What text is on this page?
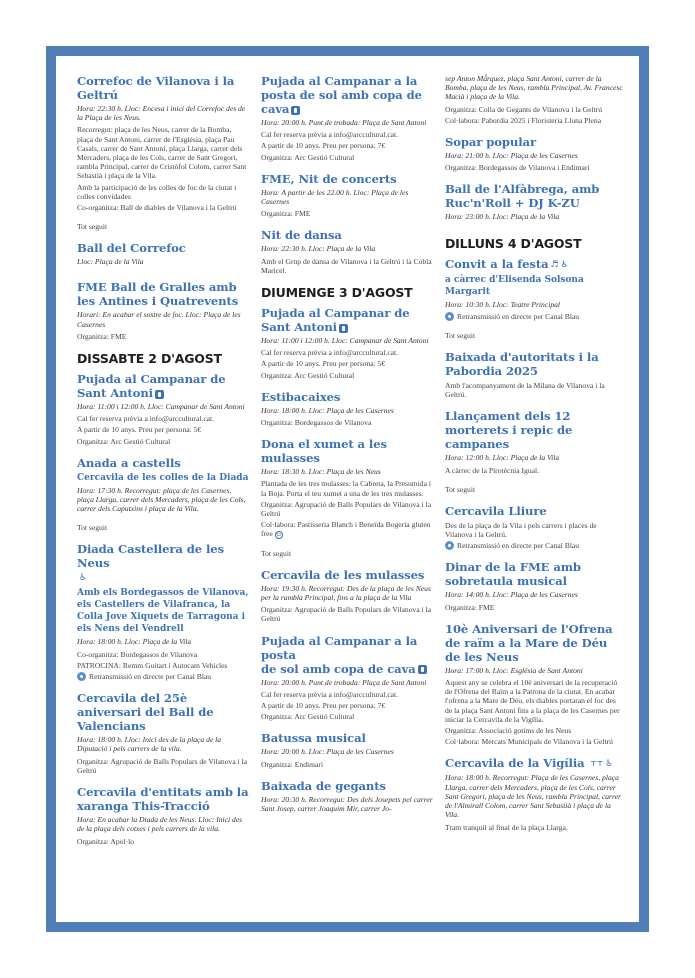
Correfoc de Vilanova i la Geltrú
Hora: 22:30 h. Lloc: Encesa i inici del Correfoc des de la Plaça de les Neus.
Recorregut: plaça de les Neus, carrer de la Bomba, plaça de Sant Antoni, carrer de l'Església, plaça Pau Casals, carrer de Sant Antoni, plaça Llarga, carrer dels Mercaders, plaça de les Cols, carrer de Sant Gregori, rambla Principal, carrer de Cristòfol Colom, carrer Sant Sebastià i plaça de la Vila.
Amb la participació de les colles de foc de la ciutat i colles convidades
Co-organitza: Ball de diables de Vilanova i la Geltrú
Tot seguit
Ball del Correfoc
Lloc: Plaça de la Vila
FME Ball de Gralles amb les Antines i Quatrevents
Horari: En acabar el sostre de foc. Lloc: Plaça de les Casernes
Organitza: FME
DISSABTE 2 D'AGOST
Pujada al Campanar de Sant Antoni
Hora: 11:00 i 12:00 h. Lloc: Campanar de Sant Antoni
Cal fer reserva prèvia a info@arccultural.cat.
A partir de 10 anys. Preu per persona: 5€
Organitza: Arc Gestió Cultural
Anada a castells
Cercavila de les colles de la Diada
Hora: 17:30 h. Recorregut: plaça de les Casernes, plaça Llarga, carrer dels Mercaders, plaça de les Cols, carrer dels Caputxins i plaça de la Vila.
Tot seguit
Diada Castellera de les Neus
♿
Amb els Bordegassos de Vilanova, els Castellers de Vilafranca, la Colla Jove Xiquets de Tarragona i els Nens del Vendrell
Hora: 18:00 h. Lloc: Plaça de la Vila
Co-organitza: Bordegassos de Vilanova
PATROCINA: Remm Guitart i Autocam Vehicles
Retransmissió en directe per Canal Blau
Cercavila del 25è aniversari del Ball de Valencians
Hora: 18:00 h. Lloc: Inici des de la plaça de la Diputació i pels carrers de la vila.
Organitza: Agrupació de Balls Populars de Vilanova i la Geltrú
Cercavila d'entitats amb la xaranga This-Tracció
Hora: En acabar la Diada de les Neus. Lloc: Inici des de la plaça dels cotxes i pels carrers de la vila.
Organitza: Apol·lo
Pujada al Campanar a la posta de sol amb copa de cava
Hora: 20:00 h. Punt de trobada: Plaça de Sant Antoni
Cal fer reserva prèvia a info@arccultural.cat.
A partir de 10 anys. Preu per persona: 7€
Organitza: Arc Gestió Cultural
FME, Nit de concerts
Hora: A partir de les 22.00 h. Lloc: Plaça de les Casernes
Organitza: FME
Nit de dansa
Hora: 22:30 h. Lloc: Plaça de la Vila
Amb el Grup de dansa de Vilanova i la Geltrú i la Cobla Maricel.
DIUMENGE 3 D'AGOST
Pujada al Campanar de Sant Antoni
Hora: 11:00 i 12:00 h. Lloc: Campanar de Sant Antoni
Cal fer reserva prèvia a info@arccultural.cat.
A partir de 10 anys. Preu per persona: 5€
Organitza: Arc Gestió Cultural
Estibacaixes
Hora: 18:00 h. Lloc: Plaça de les Casernes
Organitza: Bordegassos de Vilanova
Dona el xumet a les mulasses
Hora: 18:30 h. Lloc: Plaça de les Neus
Plantada de les tres mulasses: la Cabreta, la Presumida i la Boja. Porta el teu xumet a una de les tres mulasses.
Organitza: Agrupació de Balls Populars de Vilanova i la Geltrú
Col·labora: Pastisseria Blanch i Beneïda Bogeria gluten free G
Tot seguit
Cercavila de les mulasses
Hora: 19:30 h. Recorregut: Des de la plaça de les Neus per la rambla Principal, fins a la plaça de la Vila
Organitza: Agrupació de Balls Populars de Vilanova i la Geltrú
Pujada al Campanar a la posta
de sol amb copa de cava
Hora: 20:00 h. Punt de trobada: Plaça de Sant Antoni
Cal fer reserva prèvia a info@arccultural.cat.
A partir de 10 anys. Preu per persona: 7€
Organitza: Arc Gestió Cultural
Batussa musical
Hora: 20:00 h. Lloc: Plaça de les Casernes
Organitza: Endimari
Baixada de gegants
Hora: 20:30 h. Recorregut: Des dels Josepets pel carrer Sant Josep, carrer Joaquim Mir, carrer Jo-
sep Anton Mǻrquez, plaça Sant Antoni, carrer de la Bomba, plaça de les Neus, rambla Principal, Av. Francesc Macià i plaça de la Vila.
Organitza: Colla de Gegants de Vilanova i la Geltrú
Col·labora: Pabordia 2025 i Floristeria Lluna Plena
Sopar popular
Hora: 21:00 h. Lloc: Plaça de les Casernes
Organitza: Bordegassos de Vilanova i Endimari
Ball de l'Alfàbrega, amb Ruc'n'Roll + DJ K-ZU
Hora: 23:00 h. Lloc: Plaça de la Vila
DILLUNS 4 D'AGOST
Convit a la festa ♬ ♿
a càrrec d'Elisenda Solsona Margarit
Hora: 10:30 h. Lloc: Teatre Principal
Retransmissió en directe per Canal Blau
Tot seguit
Baixada d'autoritats i la Pabordia 2025
Amb l'acompanyament de la Milana de Vilanova i la Geltrú.
Llançament dels 12 morterets i repic de campanes
Hora: 12:00 h. Lloc: Plaça de la Vila
A càrrec de la Pirotècnia Igual.
Tot seguit
Cercavila Lliure
Des de la plaça de la Vila i pels carrers i places de Vilanova i la Geltrú.
Retransmissió en directe per Canal Blau
Dinar de la FME amb sobretaula musical
Hora: 14:00 h. Lloc: Plaça de les Casernes
Organitza: FME
10è Aniversari de l'Ofrena de raïm a la Mare de Déu de les Neus
Hora: 17:00 h. Lloc: Església de Sant Antoni
Aquest any se celebra el 10è aniversari de la recuperació de l'Ofrena del Raïm a la Patrona de la ciutat. En acabar l'ofrena a la Mare de Déu, els diables portaran el foc des de la plaça Sant Antoni fins a la plaça de les Casernes per iniciar la Cercavila de la Vigília.
Organitza: Associació gotims de les Neus
Col·labora: Mercats Municipals de Vilanova i la Geltrú
Cercavila de la Vigília ⊤⊤ ♿
Hora: 18:00 h. Recorregut: Plaça de les Casernes, plaça Llarga, carrer dels Mercaders, plaça de les Cols, carrer Sant Gregori, plaça de les Neus, rambla Principal, carrer de l'Almirall Colom, carrer Sant Sebastià i plaça de la Vila.
Tram tranquil al final de la plaça Llarga.
